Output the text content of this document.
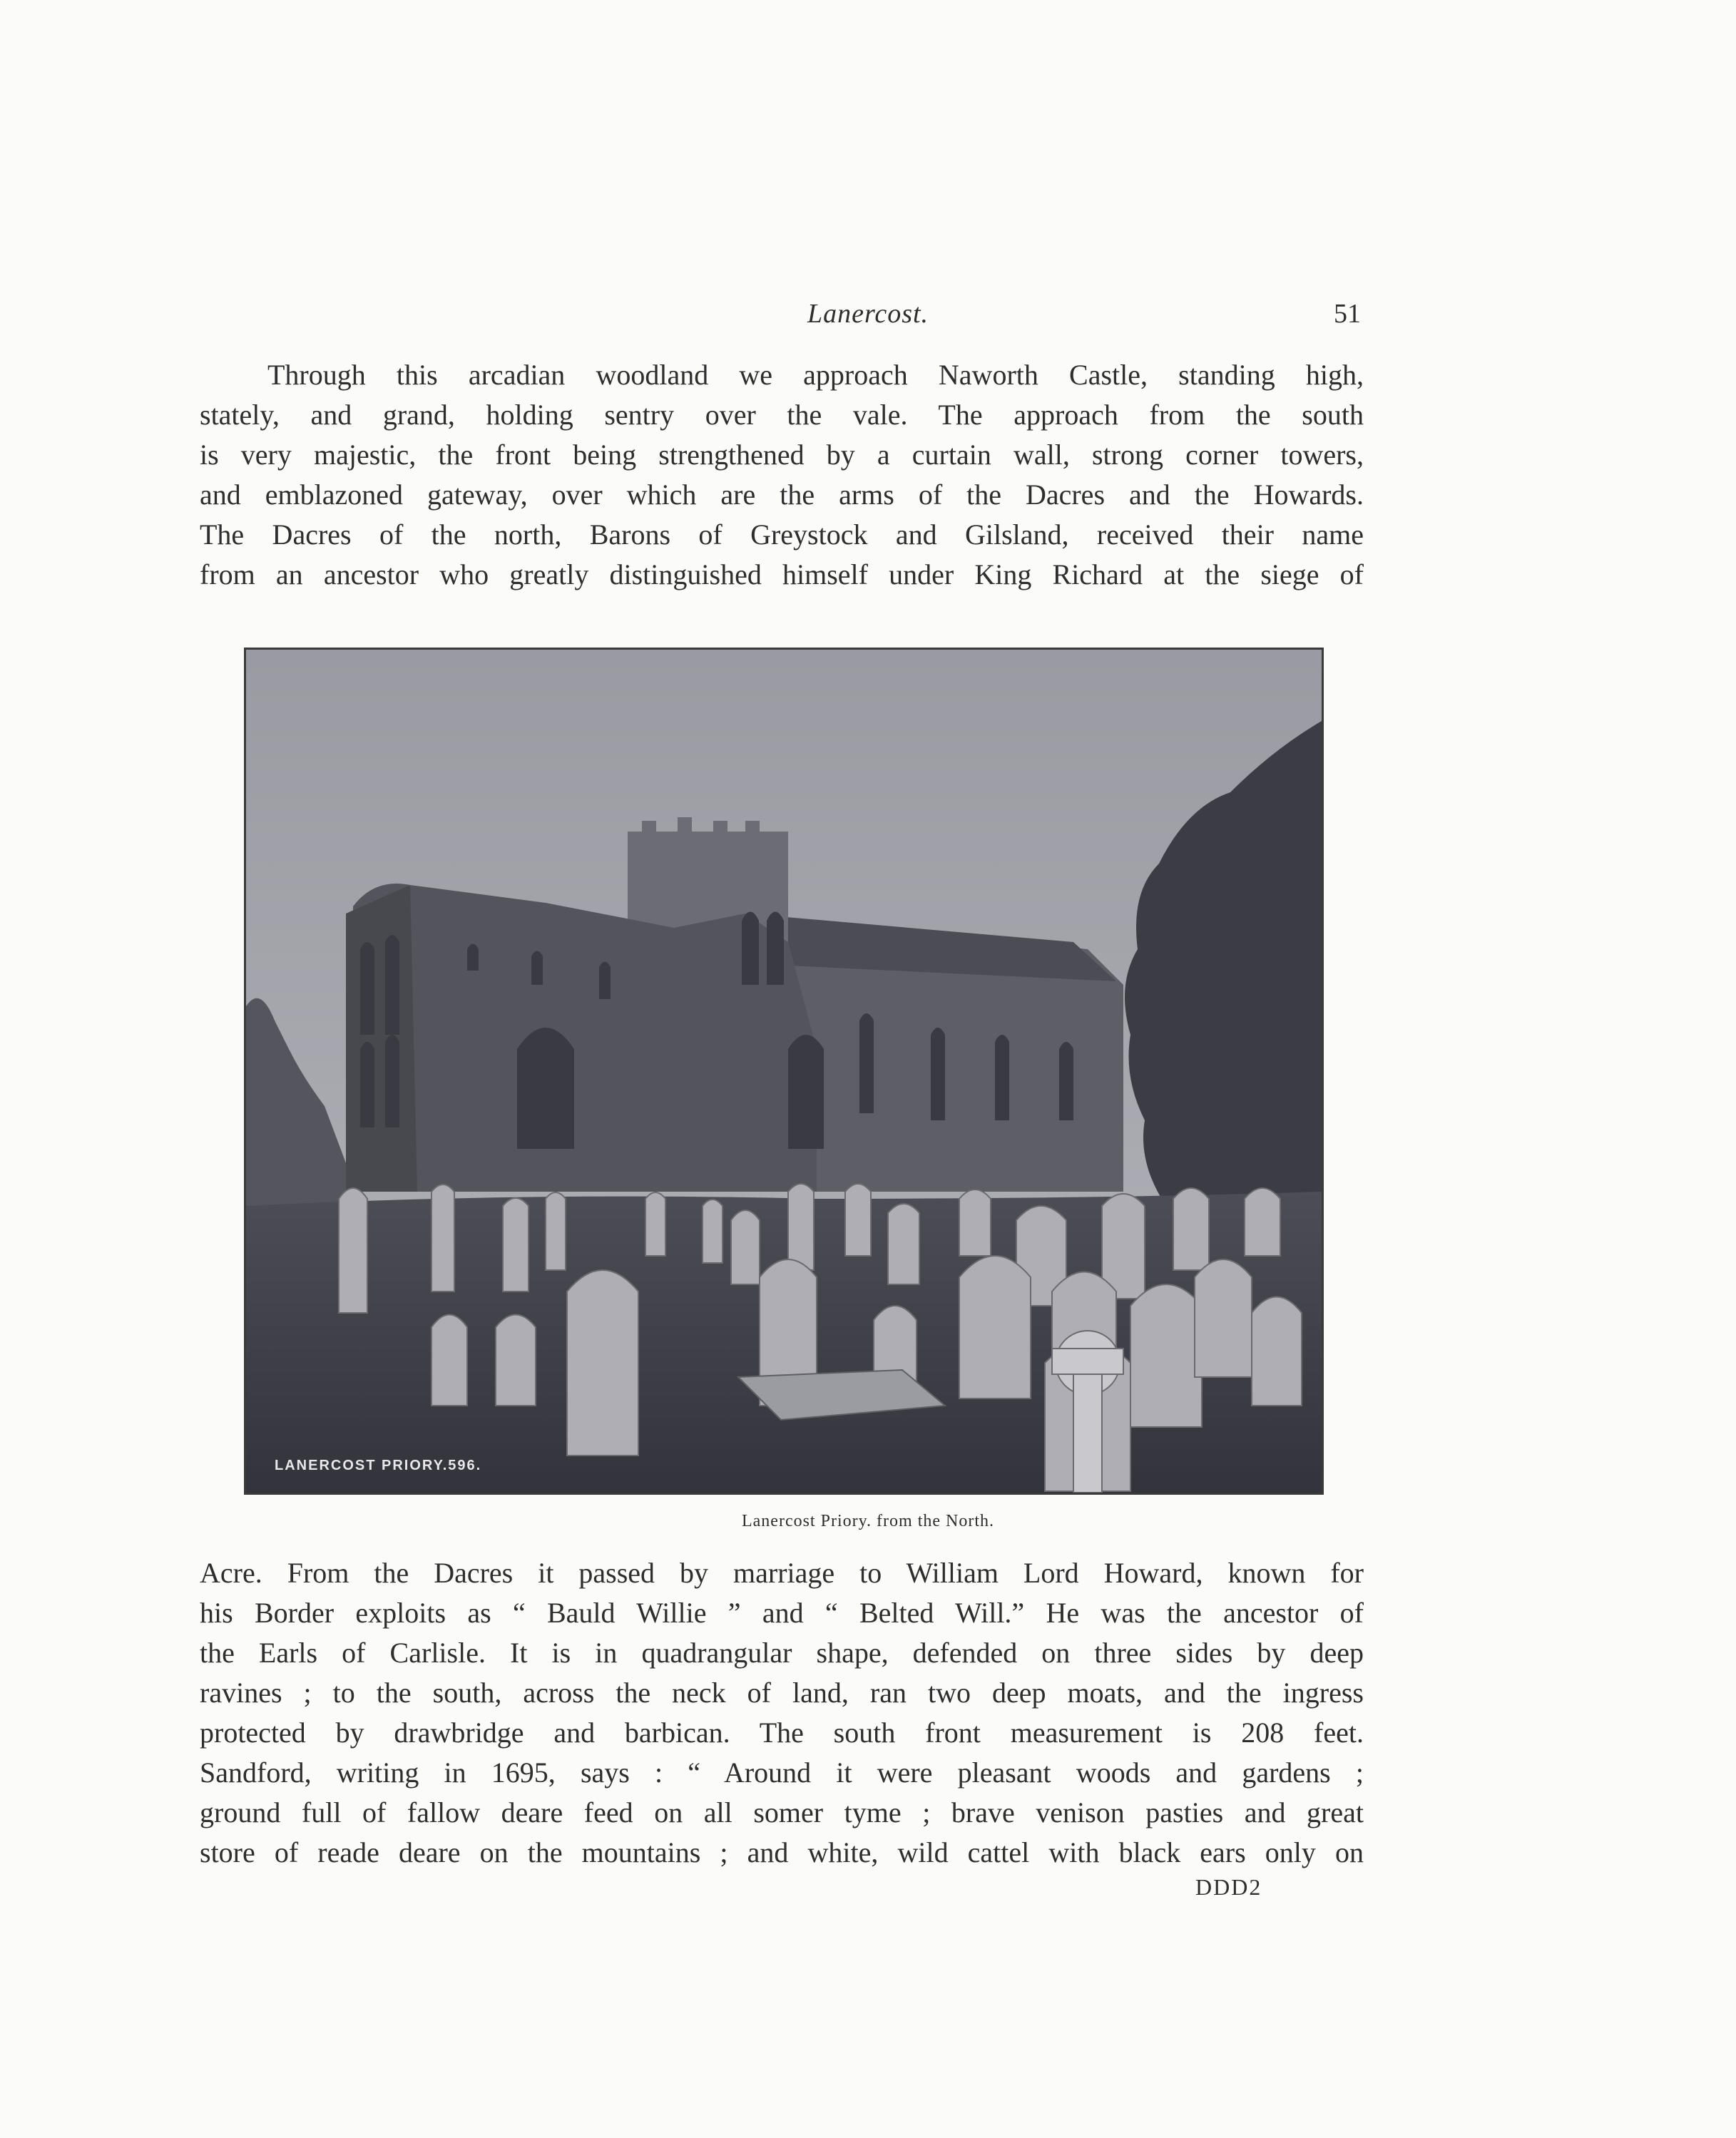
Lanercost.	51

Through this arcadian woodland we approach Naworth Castle, standing high,
stately, and grand, holding sentry over the vale. The approach from the south
is very majestic, the front being strengthened by a curtain wall, strong corner towers,
and emblazoned gateway, over which are the arms of the Dacres and the Howards.
The Dacres of the north, Barons of Greystock and Gilsland, received their name
from an ancestor who greatly distinguished himself under King Richard at the siege of

LANERCOST PRIORY.596.
Lanercost Priory. from the North.

Acre. From the Dacres it passed by marriage to William Lord Howard, known for
his Border exploits as “ Bauld Willie ” and “ Belted Will.” He was the ancestor of
the Earls of Carlisle. It is in quadrangular shape, defended on three sides by deep
ravines ; to the south, across the neck of land, ran two deep moats, and the ingress
protected by drawbridge and barbican. The south front measurement is 208 feet.
Sandford, writing in 1695, says : “ Around it were pleasant woods and gardens ;
ground full of fallow deare feed on all somer tyme ; brave venison pasties and great
store of reade deare on the mountains ; and white, wild cattel with black ears only on

DDD2
